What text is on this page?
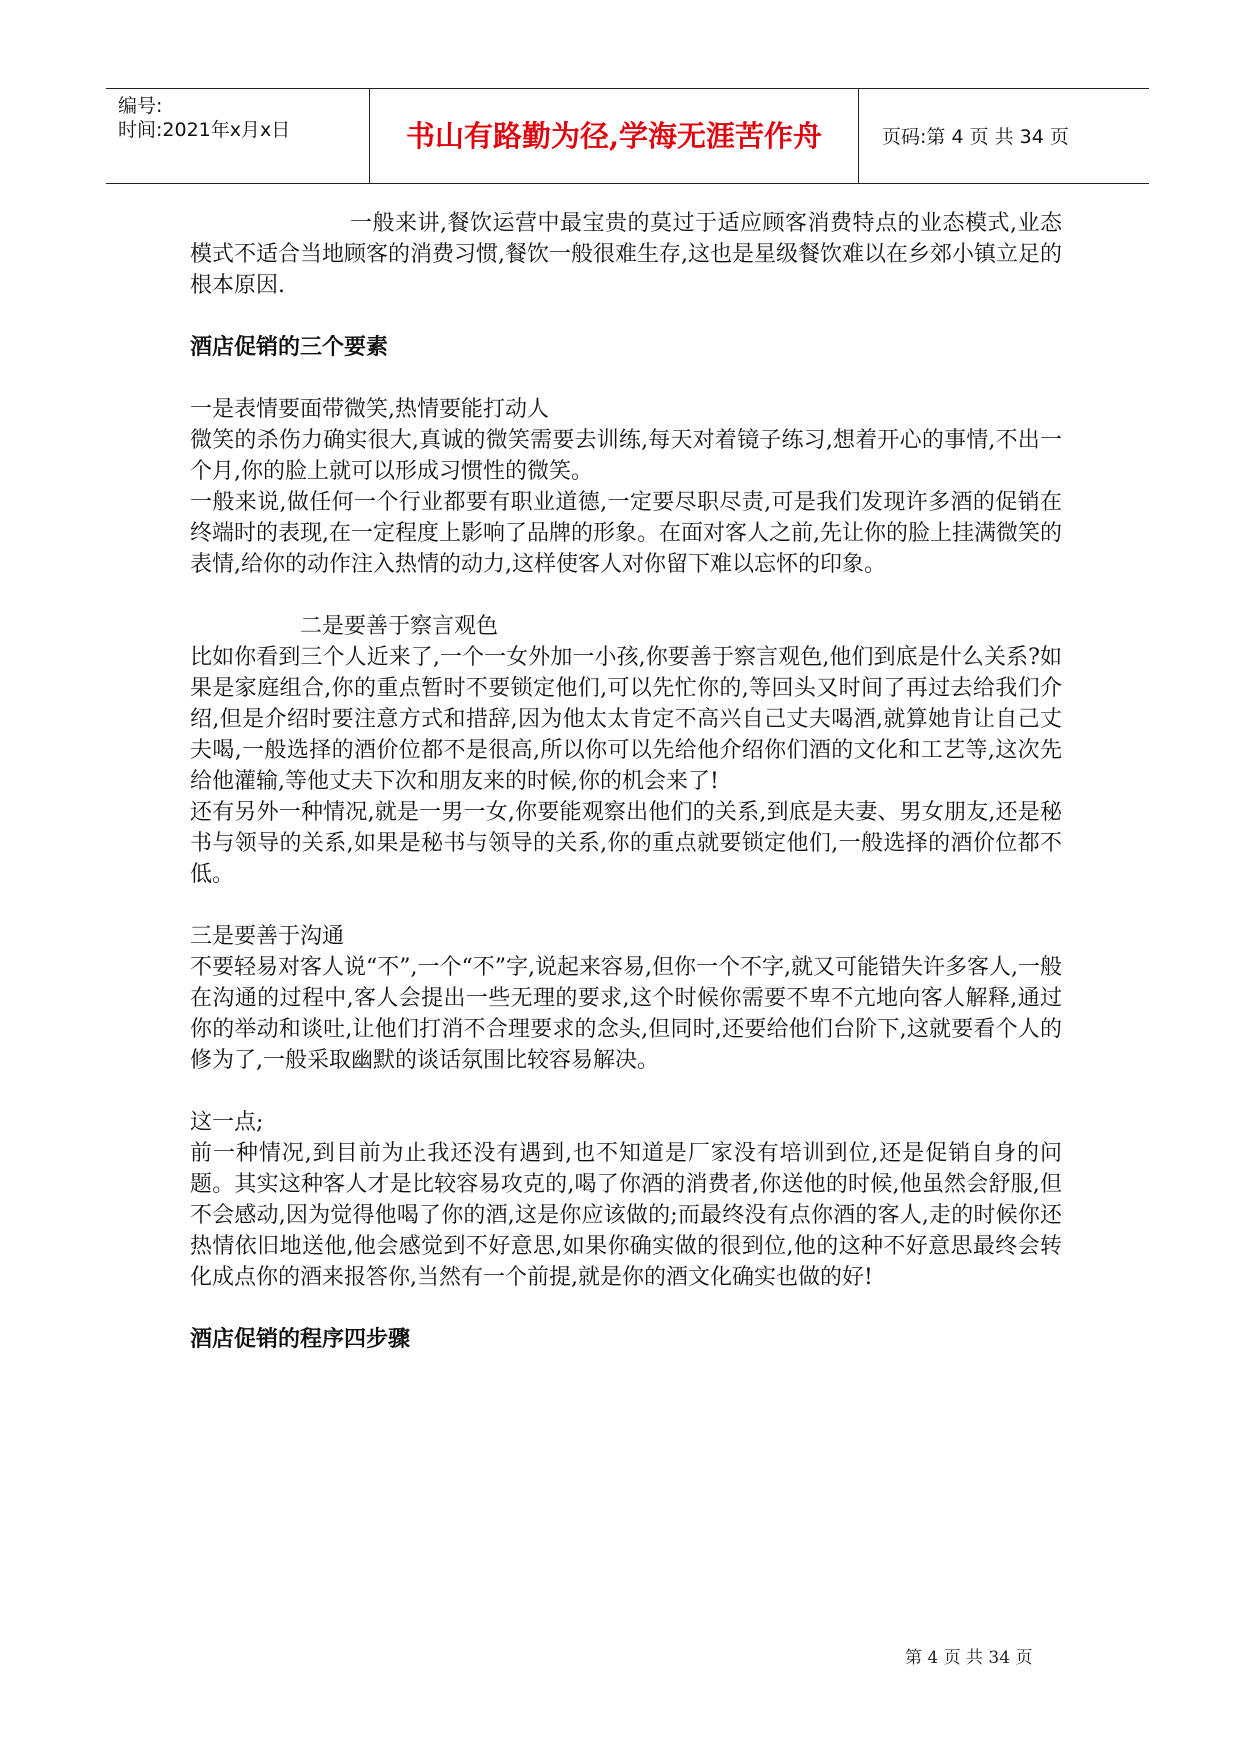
编号:
时间:2021年x月x日	书山有路勤为径,学海无涯苦作舟	页码:第 4 页 共 34 页

一般来讲,餐饮运营中最宝贵的莫过于适应顾客消费特点的业态模式,业态模式不适合当地顾客的消费习惯,餐饮一般很难生存,这也是星级餐饮难以在乡郊小镇立足的根本原因.

酒店促销的三个要素

一是表情要面带微笑,热情要能打动人

微笑的杀伤力确实很大,真诚的微笑需要去训练,每天对着镜子练习,想着开心的事情,不出一个月,你的脸上就可以形成习惯性的微笑。

一般来说,做任何一个行业都要有职业道德,一定要尽职尽责,可是我们发现许多酒的促销在终端时的表现,在一定程度上影响了品牌的形象。在面对客人之前,先让你的脸上挂满微笑的表情,给你的动作注入热情的动力,这样使客人对你留下难以忘怀的印象。

二是要善于察言观色

比如你看到三个人近来了,一个一女外加一小孩,你要善于察言观色,他们到底是什么关系?如果是家庭组合,你的重点暂时不要锁定他们,可以先忙你的,等回头又时间了再过去给我们介绍,但是介绍时要注意方式和措辞,因为他太太肯定不高兴自己丈夫喝酒,就算她肯让自己丈夫喝,一般选择的酒价位都不是很高,所以你可以先给他介绍你们酒的文化和工艺等,这次先给他灌输,等他丈夫下次和朋友来的时候,你的机会来了!

还有另外一种情况,就是一男一女,你要能观察出他们的关系,到底是夫妻、男女朋友,还是秘书与领导的关系,如果是秘书与领导的关系,你的重点就要锁定他们,一般选择的酒价位都不低。

三是要善于沟通

不要轻易对客人说“不”,一个“不”字,说起来容易,但你一个不字,就又可能错失许多客人,一般在沟通的过程中,客人会提出一些无理的要求,这个时候你需要不卑不亢地向客人解释,通过你的举动和谈吐,让他们打消不合理要求的念头,但同时,还要给他们台阶下,这就要看个人的修为了,一般采取幽默的谈话氛围比较容易解决。

这一点;

前一种情况,到目前为止我还没有遇到,也不知道是厂家没有培训到位,还是促销自身的问题。其实这种客人才是比较容易攻克的,喝了你酒的消费者,你送他的时候,他虽然会舒服,但不会感动,因为觉得他喝了你的酒,这是你应该做的;而最终没有点你酒的客人,走的时候你还热情依旧地送他,他会感觉到不好意思,如果你确实做的很到位,他的这种不好意思最终会转化成点你的酒来报答你,当然有一个前提,就是你的酒文化确实也做的好!

酒店促销的程序四步骤

第 4 页 共 34 页
